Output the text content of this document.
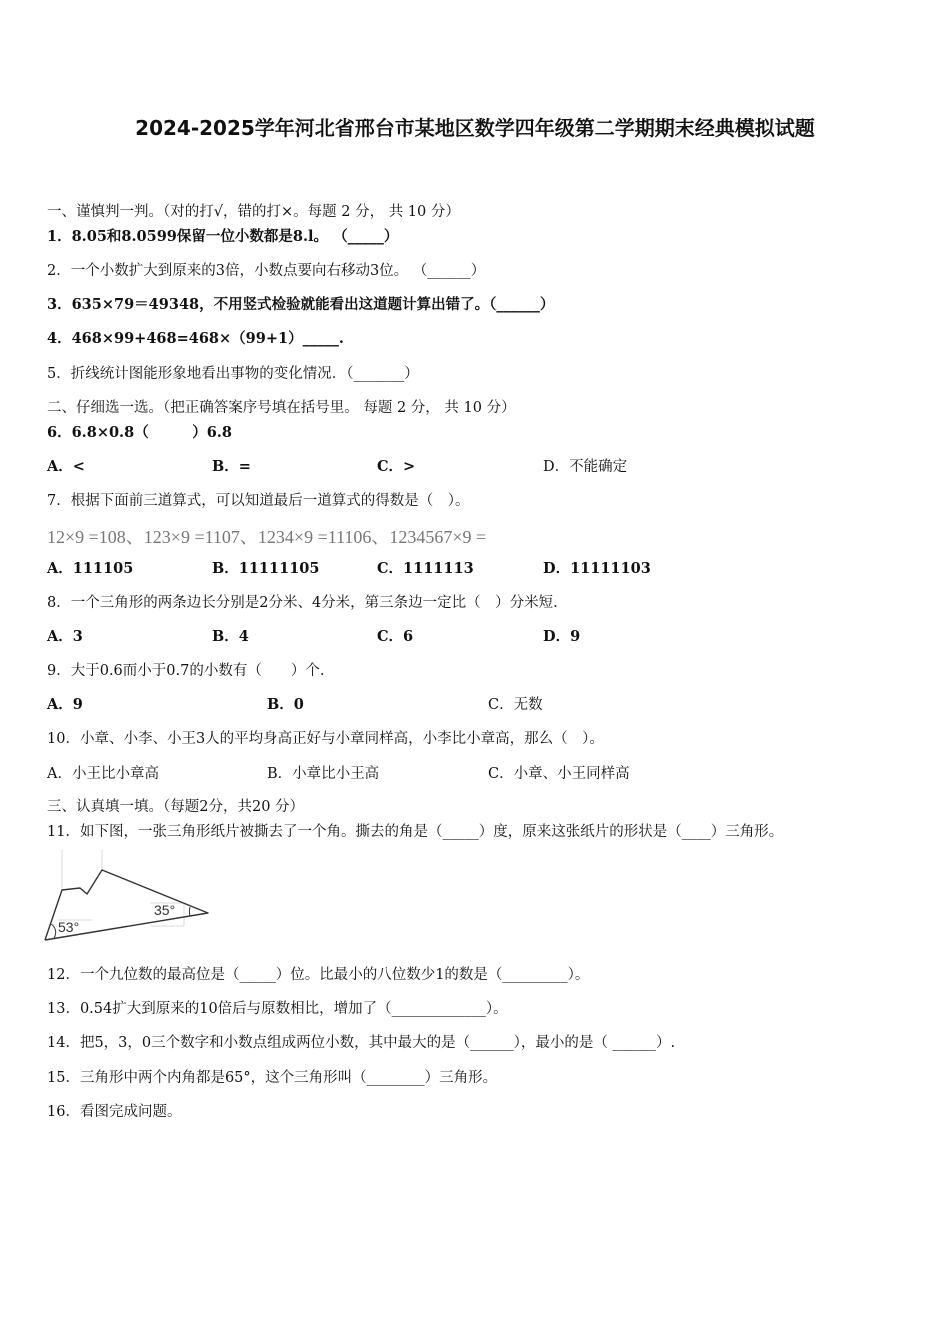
2024-2025学年河北省邢台市某地区数学四年级第二学期期末经典模拟试题
一、谨慎判一判。（对的打√，错的打×。每题 2 分， 共 10 分）
1．8.05和8.0599保留一位小数都是8.l。 （_____）
2．一个小数扩大到原来的3倍，小数点要向右移动3位。 （______）
3．635×79＝49348，不用竖式检验就能看出这道题计算出错了。（______）
4．468×99+468=468×（99+1）_____.
5．折线统计图能形象地看出事物的变化情况．（_______）
二、仔细选一选。（把正确答案序号填在括号里。 每题 2 分， 共 10 分）
6．6.8×0.8（　　　）6.8
A．<	B．=	C．>	D．不能确定
7．根据下面前三道算式，可以知道最后一道算式的得数是（　）。
12×9 =108、123×9 =1107、1234×9 =11106、1234567×9 =
A．111105	B．11111105	C．1111113	D．11111103
8．一个三角形的两条边长分别是2分米、4分米，第三条边一定比（　）分米短.
A．3	B．4	C．6	D．9
9．大于0.6而小于0.7的小数有（　　）个.
A．9	B．0	C．无数
10．小章、小李、小王3人的平均身高正好与小章同样高，小李比小章高，那么（　）。
A．小王比小章高	B．小章比小王高	C．小章、小王同样高
三、认真填一填。（每题2分，共20 分）
11．如下图，一张三角形纸片被撕去了一个角。撕去的角是（_____）度，原来这张纸片的形状是（____）三角形。
53°
35°
12．一个九位数的最高位是（_____）位。比最小的八位数少1的数是（_________）。
13．0.54扩大到原来的10倍后与原数相比，增加了（_____________）。
14．把5，3，0三个数字和小数点组成两位小数，其中最大的是（______），最小的是（ ______）.
15．三角形中两个内角都是65°，这个三角形叫（________）三角形。
16．看图完成问题。
